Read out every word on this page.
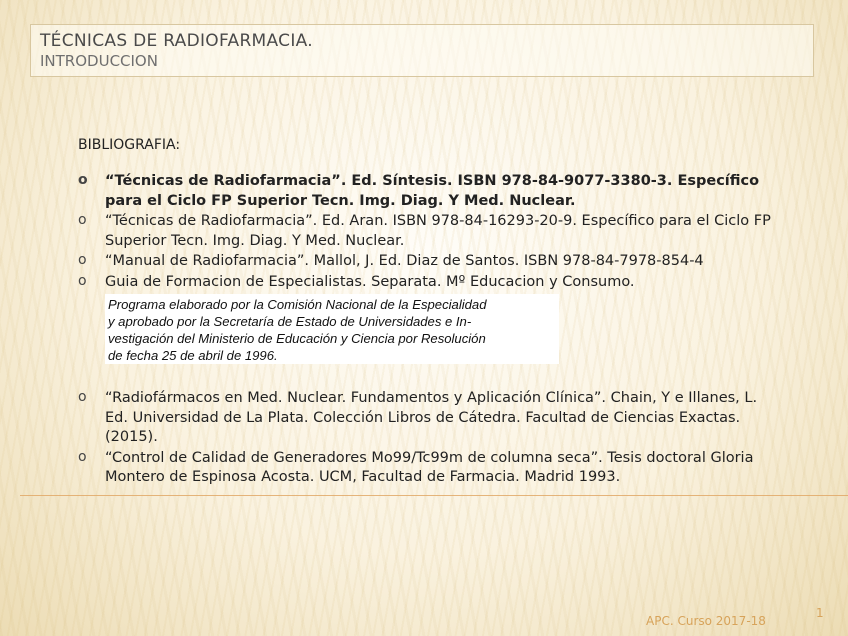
TÉCNICAS DE RADIOFARMACIA.
INTRODUCCION
BIBLIOGRAFIA:
o “Técnicas de Radiofarmacia”. Ed. Síntesis. ISBN 978-84-9077-3380-3. Específico para el Ciclo FP Superior Tecn. Img. Diag. Y Med. Nuclear.
o “Técnicas de Radiofarmacia”. Ed. Aran. ISBN 978-84-16293-20-9. Específico para el Ciclo FP Superior Tecn. Img. Diag. Y Med. Nuclear.
o “Manual de Radiofarmacia”. Mallol, J. Ed. Diaz de Santos. ISBN 978-84-7978-854-4
o Guia de Formacion de Especialistas. Separata. Mº Educacion y Consumo.
Programa elaborado por la Comisión Nacional de la Especialidad
y aprobado por la Secretaría de Estado de Universidades e In-
vestigación del Ministerio de Educación y Ciencia por Resolución
de fecha 25 de abril de 1996.
o “Radiofármacos en Med. Nuclear. Fundamentos y Aplicación Clínica”. Chain, Y e Illanes, L. Ed. Universidad de La Plata. Colección Libros de Cátedra. Facultad de Ciencias Exactas. (2015).
o “Control de Calidad de Generadores Mo99/Tc99m de columna seca”. Tesis doctoral Gloria Montero de Espinosa Acosta. UCM, Facultad de Farmacia. Madrid 1993.
APC. Curso 2017-18
1
